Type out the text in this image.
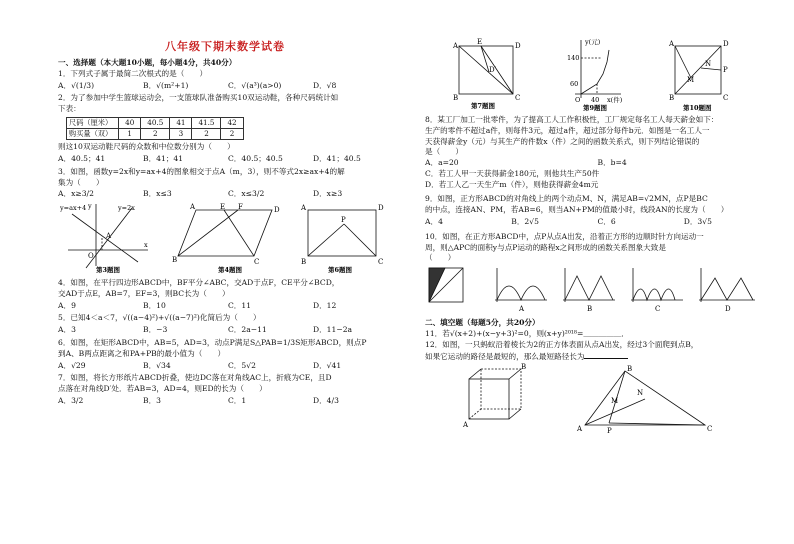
八年级下期末数学试卷

一、选择题（本大题10小题，每小题4分，共40分）

1．下列式子属于最简二次根式的是（　　）

A．√(1/3)	B．√(m²+1)	C．√(a³)(a>0)	D．√8

2．为了参加中学生篮球运动会，一支篮球队准备购买10双运动鞋，各种尺码统计如

下表：

尺码（厘米）	40	40.5	41	41.5	42
购买量（双）	1	2	3	2	2

则这10双运动鞋尺码的众数和中位数分别为（　　）

A．40.5；41	B．41；41	C．40.5；40.5	D．41；40.5

3．如图，函数y=2x和y=ax+4的图象相交于点A（m，3），则不等式2x≥ax+4的解

集为（　　）

A．x≥3/2	B．x≤3	C．x≤3/2	D．x≥3
y=ax+4	y=2x
y
A
O
x
A	E F	D
B	C
A	D
B	C
P
第3题图	第4题图	第6题图

4．如图，在平行四边形ABCD中，BF平分∠ABC，交AD于点F，CE平分∠BCD，

交AD于点E，AB=7，EF=3，则BC长为（　　）

A．9	B．10	C．11	D．12

5．已知4＜a＜7，√((a−4)²)+√((a−7)²)化简后为（　　）

A．3	B．−3	C．2a−11	D．11−2a

6．如图，在矩形ABCD中，AB=5，AD=3，动点P满足S△PAB=1/3S矩形ABCD，则点P

到A、B两点距离之和PA+PB的最小值为（　　）

A．√29	B．√34	C．5√2	D．√41

7．如图，将长方形纸片ABCD折叠，使边DC落在对角线AC上，折痕为CE，且D

点落在对角线D′处．若AB=3，AD=4，则ED的长为（　　）

A．3/2	B．3	C．1	D．4/3
A	E	D
B	C
D′
第7题图
y(元)
140
60
40 x(件)
O
第9题图
A	D
B	C
M
N
P
第10题图

8．某工厂加工一批零件，为了提高工人工作积极性，工厂规定每名工人每天薪金如下：

生产的零件不超过a件，则每件3元，超过a件，超过部分每件b元．如图是一名工人一

天获得薪金y（元）与其生产的件数x（件）之间的函数关系式，则下列结论错误的

是（　　）

A．a=20	B．b=4

C．若工人甲一天获得薪金180元，则他共生产50件

D．若工人乙一天生产m（件），则他获得薪金4m元

9．如图，正方形ABCD的对角线上的两个动点M、N，满足AB=√2MN，点P是BC

的中点，连接AN、PM，若AB=6，则当AN+PM的值最小时，线段AN的长度为（　　）

A．4	B．2√5	C．6	D．3√5

10．如图，在正方形ABCD中，点P从点A出发，沿着正方形的边顺时针方向运动一

周，则△APC的面积y与点P运动的路程x之间形成的函数关系图象大致是

（　　）

A	B	C	D

二、填空题（每题5分，共20分）

11．若√(x+2)+(x−y+3)²=0，则(x+y)²⁰¹⁸=＿＿＿＿＿．

12．如图，一只蚂蚁沿着棱长为2的正方体表面从点A出发，经过3个面爬到点B，

如果它运动的路径是最短的，那么最短路径长为

B
A
B
M
N
A	C
P
